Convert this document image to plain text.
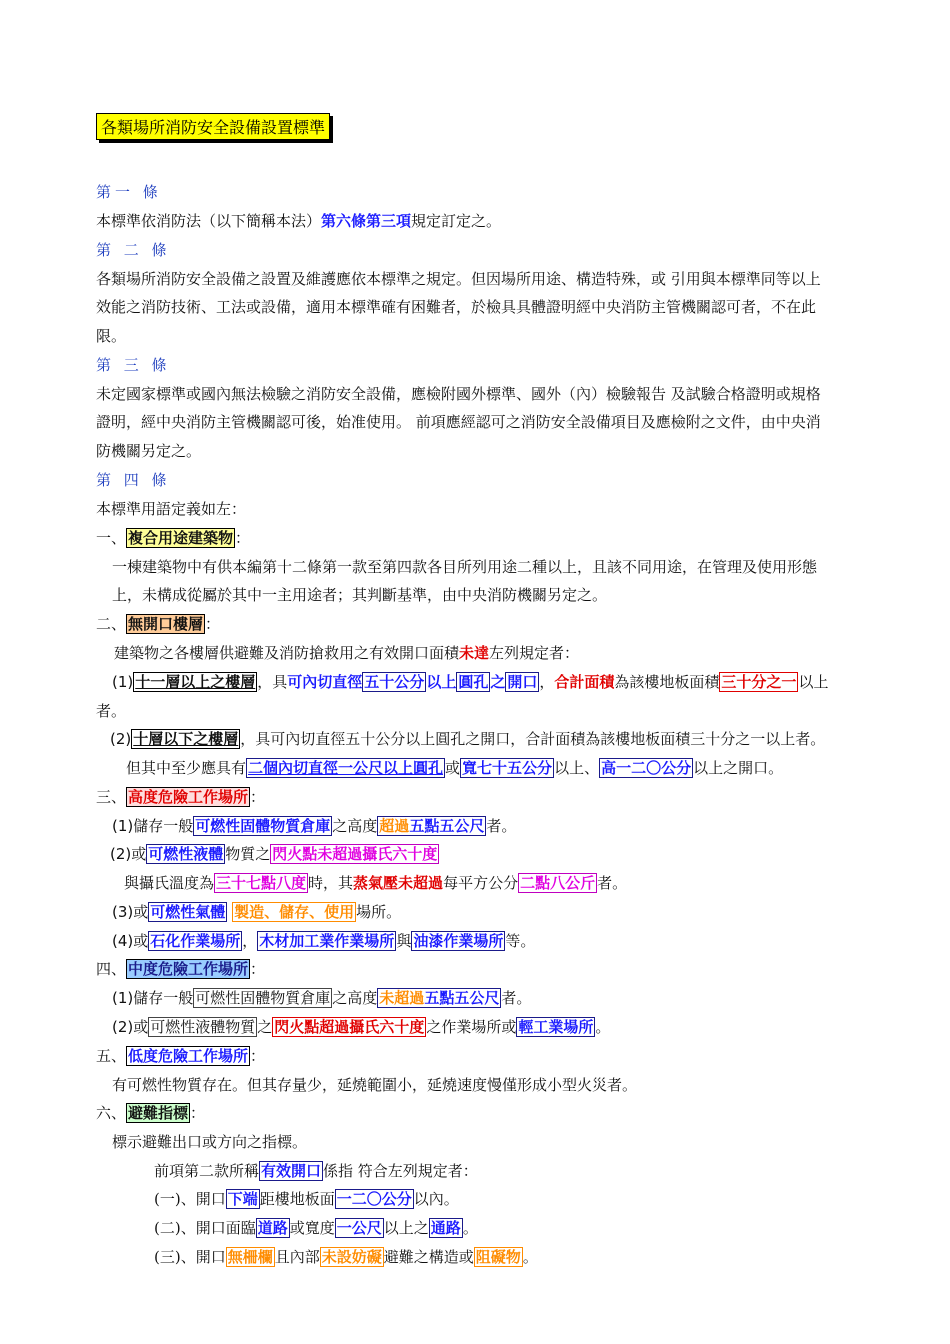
各類場所消防安全設備設置標準
第一 條
本標準依消防法（以下簡稱本法）第六條第三項規定訂定之。
第 二 條
各類場所消防安全設備之設置及維護應依本標準之規定。但因場所用途、構造特殊，或 引用與本標準同等以上
效能之消防技術、工法或設備，適用本標準確有困難者，於檢具具體證明經中央消防主管機關認可者，不在此
限。
第 三 條
未定國家標準或國內無法檢驗之消防安全設備，應檢附國外標準、國外（內）檢驗報告 及試驗合格證明或規格
證明，經中央消防主管機關認可後，始准使用。 前項應經認可之消防安全設備項目及應檢附之文件，由中央消
防機關另定之。
第 四 條
本標準用語定義如左：
一、 複合用途建築物 ：
一棟建築物中有供本編第十二條第一款至第四款各目所列用途二種以上，且該不同用途，在管理及使用形態
上，未構成從屬於其中一主用途者；其判斷基準，由中央消防機關另定之。
二、 無開口樓層 ：
建築物之各樓層供避難及消防搶救用之有效開口面積未達左列規定者：
(1) 十一層以上之樓層 ，具可內切直徑 五十公分 以上 圓孔 之 開口 ，合計面積為該樓地板面積 三十分之一 以上
者。
(2) 十層以下之樓層 ，具可內切直徑五十公分以上圓孔之開口，合計面積為該樓地板面積三十分之一以上者。
但其中至少應具有 二個內切直徑一公尺以上圓孔 或 寬七十五公分 以上、 高一二〇公分 以上之開口。
三、 高度危險工作場所 ：
(1)儲存一般 可燃性固體物質倉庫 之高度 超過五點五公尺 者。
(2)或 可燃性液體 物質之 閃火點未超過攝氏六十度
與攝氏溫度為 三十七點八度 時，其蒸氣壓未超過每平方公分 二點八公斤 者。
(3)或 可燃性氣體 製造、儲存、使用 場所。
(4)或 石化作業場所 ， 木材加工業作業場所 與 油漆作業場所 等。
四、 中度危險工作場所 ：
(1)儲存一般 可燃性固體物質倉庫 之高度 未超過五點五公尺 者。
(2)或 可燃性液體物質 之 閃火點超過攝氏六十度 之作業場所或 輕工業場所 。
五、 低度危險工作場所 ：
有可燃性物質存在。但其存量少，延燒範圍小，延燒速度慢僅形成小型火災者。
六、 避難指標 ：
標示避難出口或方向之指標。
前項第二款所稱 有效開口 係指 符合左列規定者：
(一)、開口 下端 距樓地板面 一二〇公分 以內。
(二)、開口面臨 道路 或寬度 一公尺 以上之 通路 。
(三)、開口 無柵欄 且內部 未設妨礙 避難之構造或 阻礙物 。
